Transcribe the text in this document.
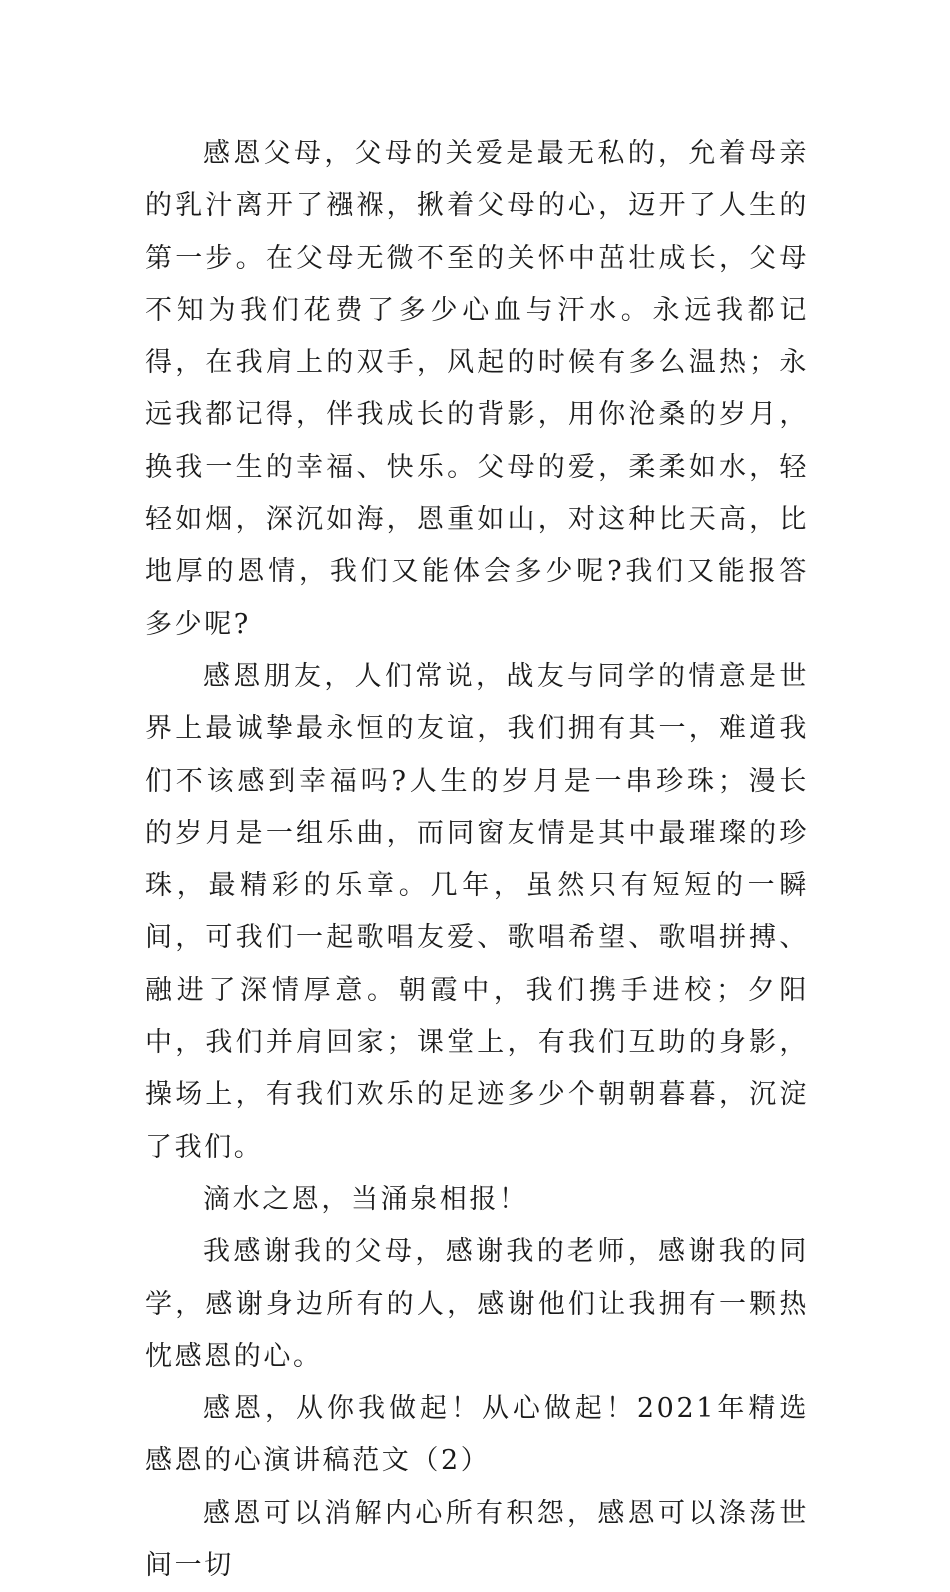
感恩父母，父母的关爱是最无私的，允着母亲的乳汁离开了襁褓，揪着父母的心，迈开了人生的第一步。在父母无微不至的关怀中茁壮成长，父母不知为我们花费了多少心血与汗水。永远我都记得，在我肩上的双手，风起的时候有多么温热；永远我都记得，伴我成长的背影，用你沧桑的岁月，换我一生的幸福、快乐。父母的爱，柔柔如水，轻轻如烟，深沉如海，恩重如山，对这种比天高，比地厚的恩情，我们又能体会多少呢?我们又能报答多少呢?

感恩朋友，人们常说，战友与同学的情意是世界上最诚挚最永恒的友谊，我们拥有其一，难道我们不该感到幸福吗?人生的岁月是一串珍珠；漫长的岁月是一组乐曲，而同窗友情是其中最璀璨的珍珠，最精彩的乐章。几年，虽然只有短短的一瞬间，可我们一起歌唱友爱、歌唱希望、歌唱拼搏、融进了深情厚意。朝霞中，我们携手进校；夕阳中，我们并肩回家；课堂上，有我们互助的身影，操场上，有我们欢乐的足迹多少个朝朝暮暮，沉淀了我们。

滴水之恩，当涌泉相报！

我感谢我的父母，感谢我的老师，感谢我的同学，感谢身边所有的人，感谢他们让我拥有一颗热忱感恩的心。

感恩，从你我做起！从心做起！2021年精选感恩的心演讲稿范文（2）

感恩可以消解内心所有积怨，感恩可以涤荡世间一切
